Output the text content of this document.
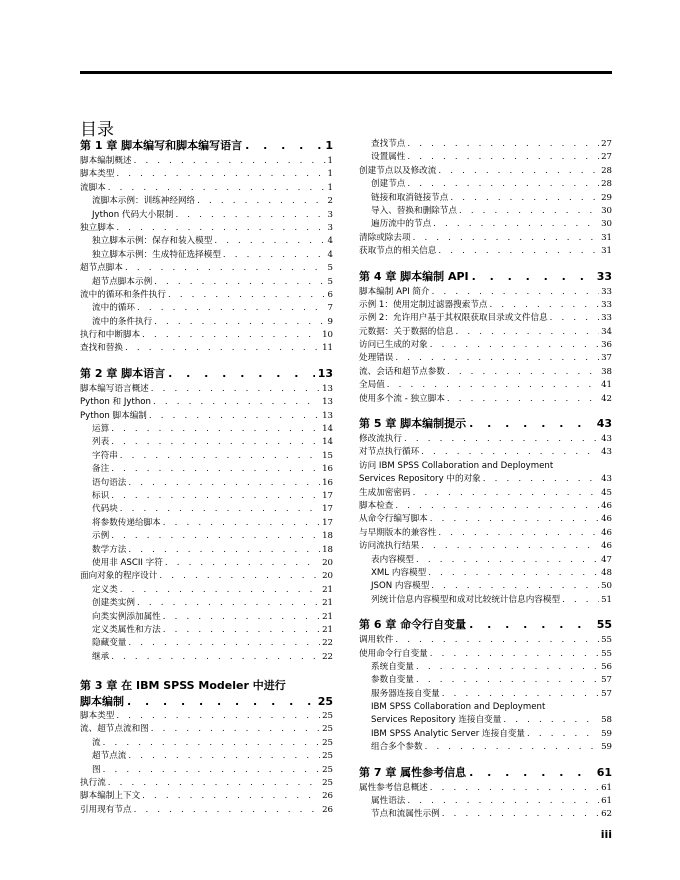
目录
第 1 章 脚本编写和脚本编写语言 . . .	1
脚本编制概述 . . .	1
脚本类型 . . .	1
流脚本 . . .	1
流脚本示例：训练神经网络 . . .	2
Jython 代码大小限制 . . .	3
独立脚本 . . .	3
独立脚本示例：保存和装入模型 . . .	4
独立脚本示例：生成特征选择模型 . . .	4
超节点脚本 . . .	5
超节点脚本示例 . . .	5
流中的循环和条件执行 . . .	6
流中的循环 . . .	7
流中的条件执行 . . .	9
执行和中断脚本 . . .	10
查找和替换 . . .	11
第 2 章 脚本语言 . . .	13
脚本编写语言概述 . . .	13
Python 和 Jython . . .	13
Python 脚本编制 . . .	13
运算 . . .	14
列表 . . .	14
字符串 . . .	15
备注 . . .	16
语句语法 . . .	16
标识 . . .	17
代码块 . . .	17
将参数传递给脚本 . . .	17
示例 . . .	18
数学方法 . . .	18
使用非 ASCII 字符 . . .	20
面向对象的程序设计 . . .	20
定义类 . . .	21
创建类实例 . . .	21
向类实例添加属性 . . .	21
定义类属性和方法 . . .	21
隐藏变量 . . .	22
继承 . . .	22
第 3 章 在 IBM SPSS Modeler 中进行
脚本编制 . . .	25
脚本类型 . . .	25
流、超节点流和图 . . .	25
流 . . .	25
超节点流 . . .	25
图 . . .	25
执行流 . . .	25
脚本编制上下文 . . .	26
引用现有节点 . . .	26
查找节点 . . .	27
设置属性 . . .	27
创建节点以及修改流 . . .	28
创建节点 . . .	28
链接和取消链接节点 . . .	29
导入、替换和删除节点 . . .	30
遍历流中的节点 . . .	30
清除或除去项 . . .	31
获取节点的相关信息 . . .	31
第 4 章 脚本编制 API . . .	33
脚本编制 API 简介 . . .	33
示例 1：使用定制过滤器搜索节点 . . .	33
示例 2：允许用户基于其权限获取目录或文件信息 . . .	33
元数据：关于数据的信息 . . .	34
访问已生成的对象 . . .	36
处理错误 . . .	37
流、会话和超节点参数 . . .	38
全局值 . . .	41
使用多个流 - 独立脚本 . . .	42
第 5 章 脚本编制提示 . . .	43
修改流执行 . . .	43
对节点执行循环 . . .	43
访问 IBM SPSS Collaboration and Deployment
Services Repository 中的对象 . . .	43
生成加密密码 . . .	45
脚本检查 . . .	46
从命令行编写脚本 . . .	46
与早期版本的兼容性 . . .	46
访问流执行结果 . . .	46
表内容模型 . . .	47
XML 内容模型 . . .	48
JSON 内容模型 . . .	50
列统计信息内容模型和成对比较统计信息内容模型 . . .	51
第 6 章 命令行自变量 . . .	55
调用软件 . . .	55
使用命令行自变量 . . .	55
系统自变量 . . .	56
参数自变量 . . .	57
服务器连接自变量 . . .	57
IBM SPSS Collaboration and Deployment
Services Repository 连接自变量 . . .	58
IBM SPSS Analytic Server 连接自变量 . . .	59
组合多个参数 . . .	59
第 7 章 属性参考信息 . . .	61
属性参考信息概述 . . .	61
属性语法 . . .	61
节点和流属性示例 . . .	62
iii
